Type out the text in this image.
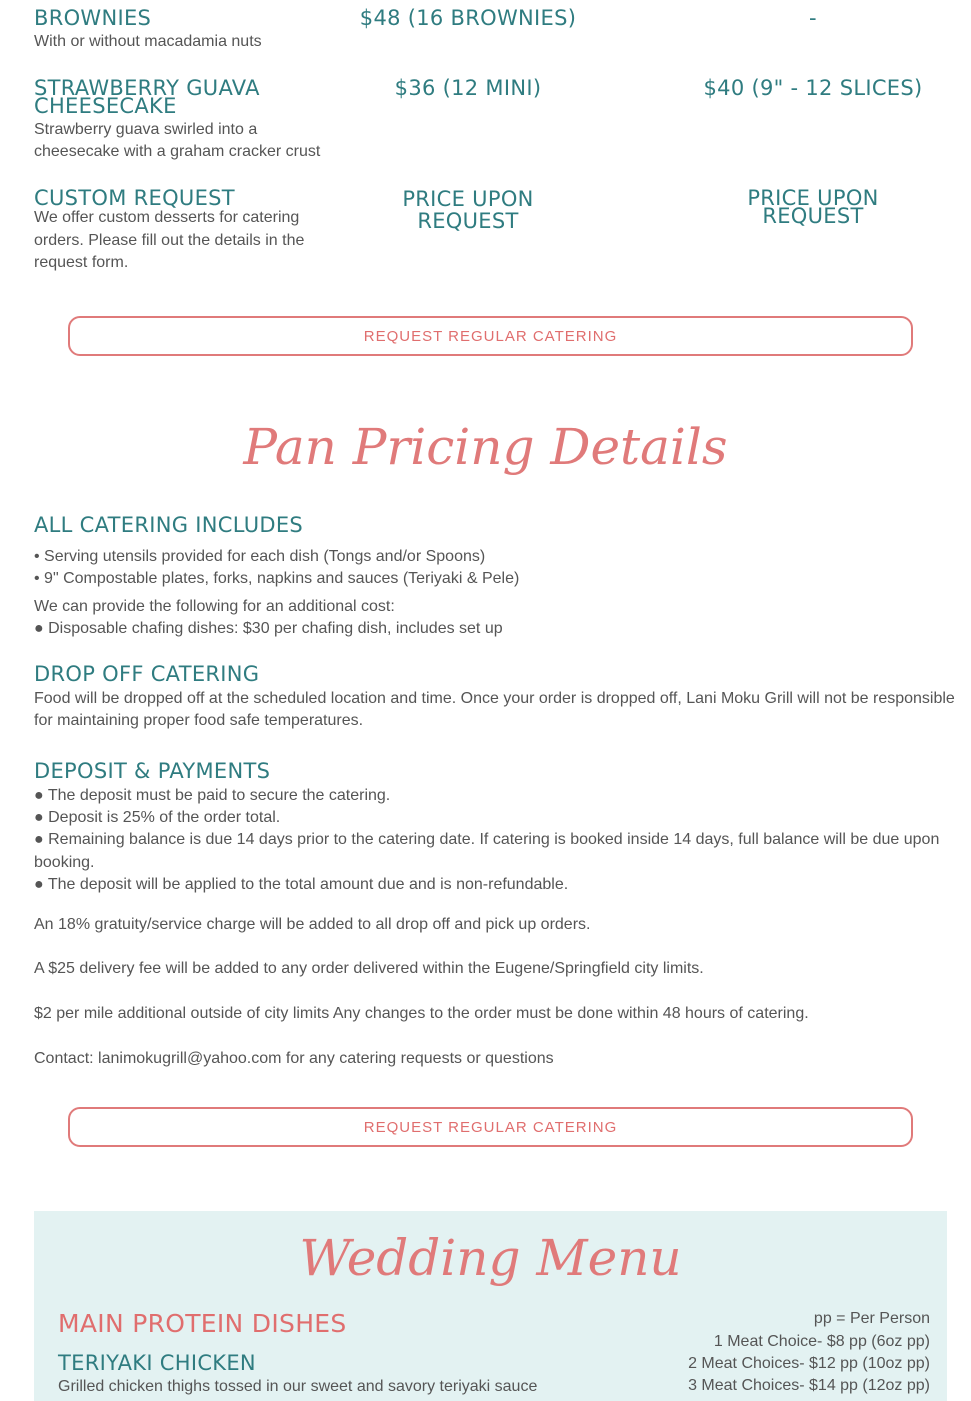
BROWNIES
With or without macadamia nuts
$48 (16 BROWNIES)	-
STRAWBERRY GUAVA
CHEESECAKE
Strawberry guava swirled into a
cheesecake with a graham cracker crust
$36 (12 MINI)	$40 (9" - 12 SLICES)
CUSTOM REQUEST
We offer custom desserts for catering
orders. Please fill out the details in the
request form.
PRICE UPON
REQUEST
PRICE UPON
REQUEST
REQUEST REGULAR CATERING
Pan Pricing Details
ALL CATERING INCLUDES
• Serving utensils provided for each dish (Tongs and/or Spoons)
• 9" Compostable plates, forks, napkins and sauces (Teriyaki & Pele)
We can provide the following for an additional cost:
● Disposable chafing dishes: $30 per chafing dish, includes set up
DROP OFF CATERING
Food will be dropped off at the scheduled location and time. Once your order is dropped off, Lani Moku Grill will not be responsible
for maintaining proper food safe temperatures.
DEPOSIT & PAYMENTS
● The deposit must be paid to secure the catering.
● Deposit is 25% of the order total.
● Remaining balance is due 14 days prior to the catering date. If catering is booked inside 14 days, full balance will be due upon
booking.
● The deposit will be applied to the total amount due and is non-refundable.
An 18% gratuity/service charge will be added to all drop off and pick up orders.
A $25 delivery fee will be added to any order delivered within the Eugene/Springfield city limits.
$2 per mile additional outside of city limits Any changes to the order must be done within 48 hours of catering.
Contact: lanimokugrill@yahoo.com for any catering requests or questions
REQUEST REGULAR CATERING
Wedding Menu
MAIN PROTEIN DISHES
TERIYAKI CHICKEN
Grilled chicken thighs tossed in our sweet and savory teriyaki sauce
pp = Per Person
1 Meat Choice- $8 pp (6oz pp)
2 Meat Choices- $12 pp (10oz pp)
3 Meat Choices- $14 pp (12oz pp)
